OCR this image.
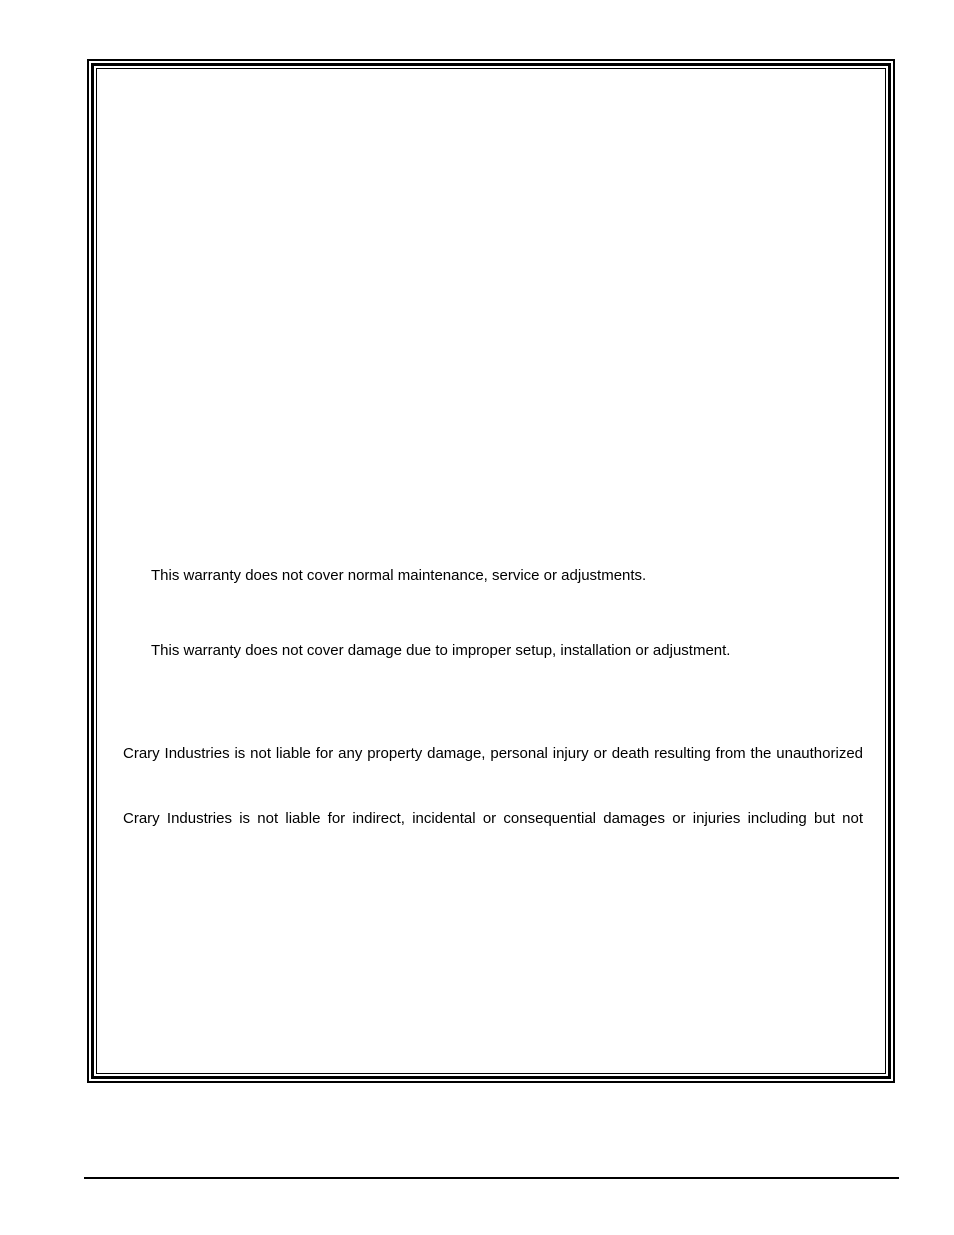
This warranty does not cover normal maintenance, service or adjustments.
This warranty does not cover damage due to improper setup, installation or adjustment.
Crary Industries is not liable for any property damage, personal injury or death resulting from the unauthorized
Crary Industries is not liable for indirect, incidental or consequential damages or injuries including but not
